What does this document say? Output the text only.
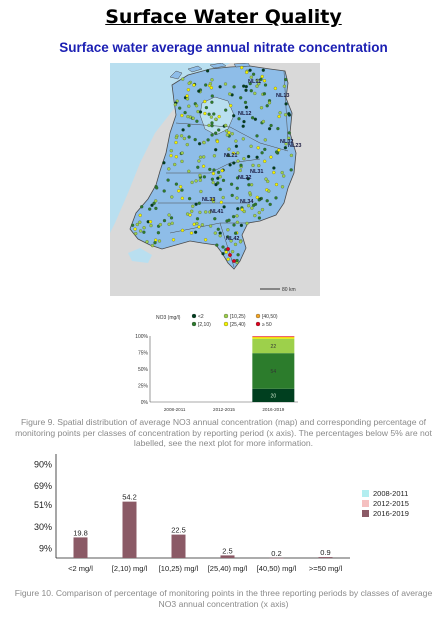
Surface Water Quality
Surface water average annual nitrate concentration
NL12
NL11
NL13
NL32
NL23
NL21
NL31
NL22
NL33
NL41
NL34
NL42
80 km
NO3 (mg/l)	<2
[2,10)
[10,25)
[25,40)
[40,50)
≥ 50
0%
25%
50%
75%
100%
2008-2011	2012-2015	2016-2019
20
54
22
Figure 9. Spatial distribution of average NO3 annual concentration (map) and corresponding percentage of monitoring points per classes of concentration by reporting period (x axis). The percentages below 5% are not labelled, see the next plot for more information.
9%
30%
51%
69%
90%
19.8
<2 mg/l
54.2
[2,10) mg/l
22.5
[10,25) mg/l
2.5
[25,40) mg/l
0.2
[40,50) mg/l
0.9
>=50 mg/l
2008-2011
2012-2015
2016-2019
Figure 10. Comparison of percentage of monitoring points in the three reporting periods by classes of average NO3 annual concentration (x axis)
